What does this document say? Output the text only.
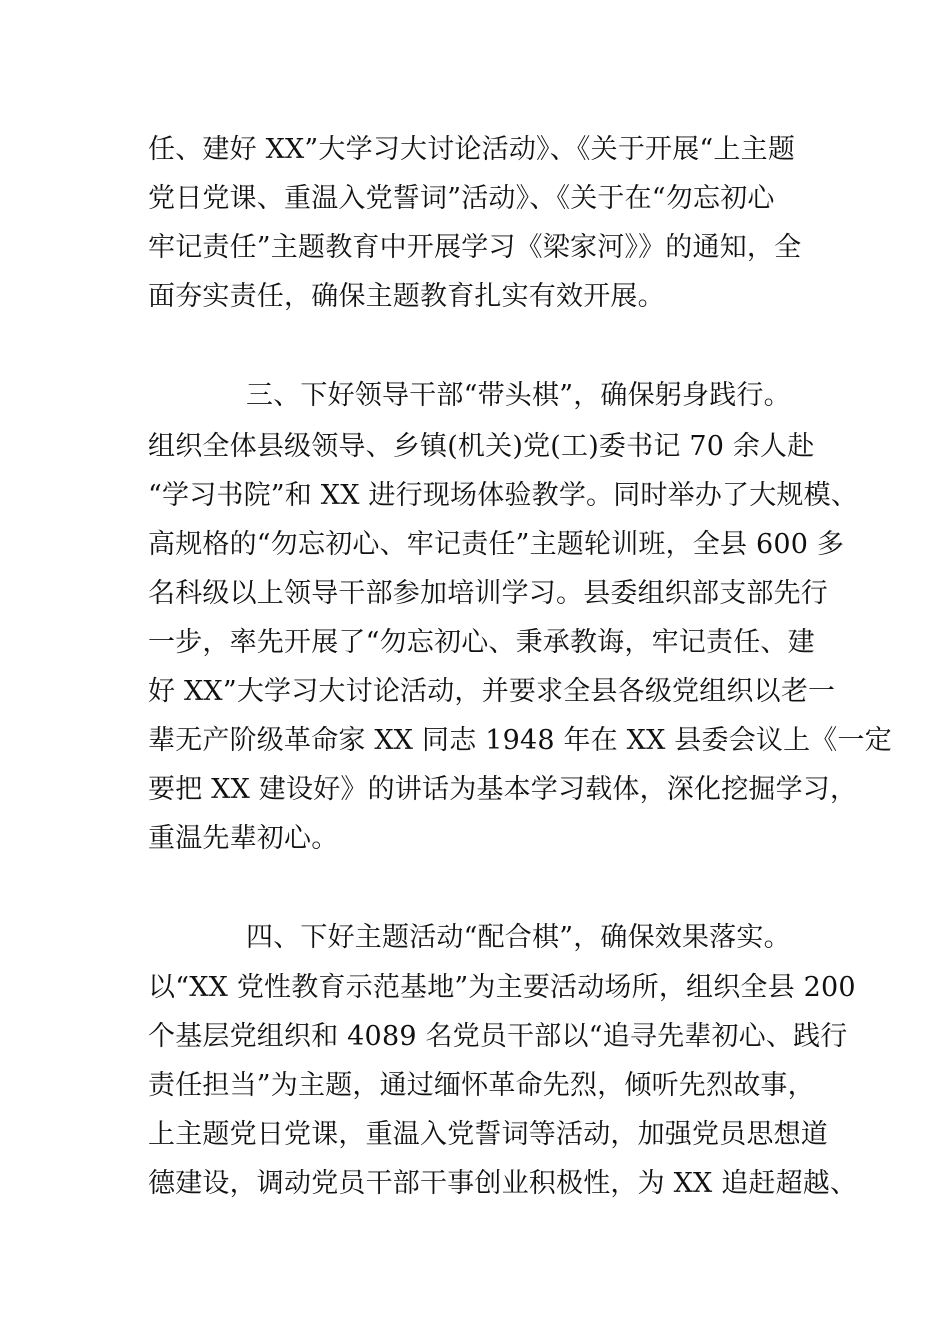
任、建好 XX”大学习大讨论活动》、《关于开展“上主题
党日党课、重温入党誓词”活动》、《关于在“勿忘初心
牢记责任”主题教育中开展学习《梁家河》》的通知，全
面夯实责任，确保主题教育扎实有效开展。
三、下好领导干部“带头棋”，确保躬身践行。
组织全体县级领导、乡镇(机关)党(工)委书记 70 余人赴
“学习书院”和 XX 进行现场体验教学。同时举办了大规模、
高规格的“勿忘初心、牢记责任”主题轮训班，全县 600 多
名科级以上领导干部参加培训学习。县委组织部支部先行
一步，率先开展了“勿忘初心、秉承教诲，牢记责任、建
好 XX”大学习大讨论活动，并要求全县各级党组织以老一
辈无产阶级革命家 XX 同志 1948 年在 XX 县委会议上《一定
要把 XX 建设好》的讲话为基本学习载体，深化挖掘学习，
重温先辈初心。
四、下好主题活动“配合棋”，确保效果落实。
以“XX 党性教育示范基地”为主要活动场所，组织全县 200
个基层党组织和 4089 名党员干部以“追寻先辈初心、践行
责任担当”为主题，通过缅怀革命先烈，倾听先烈故事，
上主题党日党课，重温入党誓词等活动，加强党员思想道
德建设，调动党员干部干事创业积极性，为 XX 追赶超越、
